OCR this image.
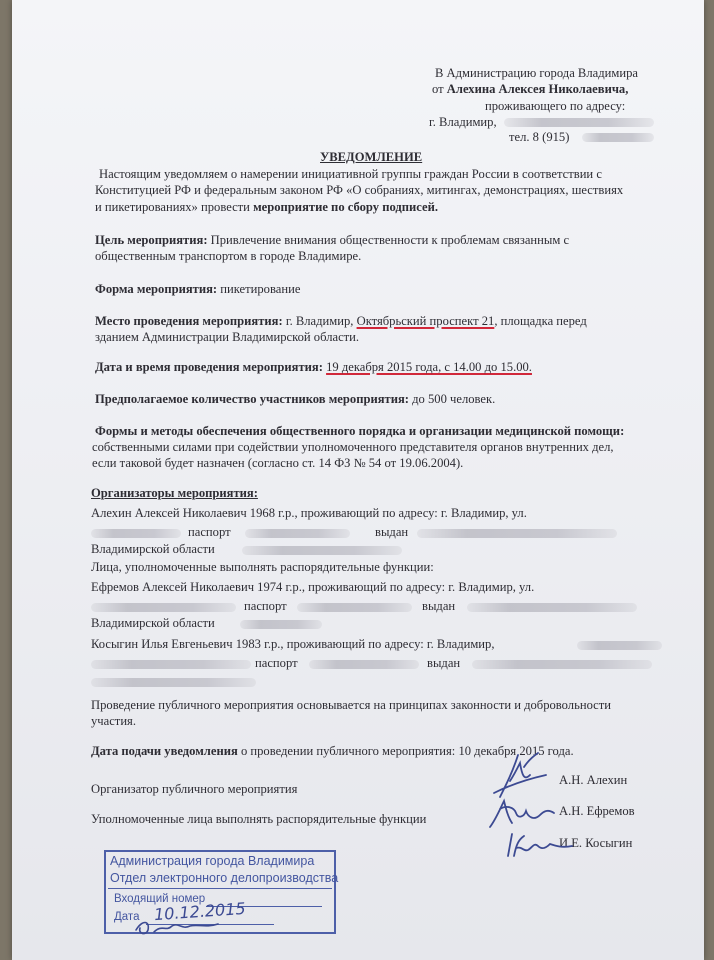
В Администрацию города Владимира
от Алехина Алексея Николаевича,
проживающего по адресу:
г. Владимир,
тел. 8 (915)
УВЕДОМЛЕНИЕ
Настоящим уведомляем о намерении инициативной группы граждан России в соответствии с
Конституцией РФ и федеральным законом РФ «О собраниях, митингах, демонстрациях, шествиях
и пикетированиях» провести мероприятие по сбору подписей.
Цель мероприятия: Привлечение внимания общественности к проблемам связанным с
общественным транспортом в городе Владимире.
Форма мероприятия: пикетирование
Место проведения мероприятия: г. Владимир, Октябрьский проспект 21, площадка перед
зданием Администрации Владимирской области.
Дата и время проведения мероприятия: 19 декабря 2015 года, с 14.00 до 15.00.
Предполагаемое количество участников мероприятия: до 500 человек.
Формы и методы обеспечения общественного порядка и организации медицинской помощи:
собственными силами при содействии уполномоченного представителя органов внутренних дел,
если таковой будет назначен (согласно ст. 14 ФЗ № 54 от 19.06.2004).
Организаторы мероприятия:
Алехин Алексей Николаевич 1968 г.р., проживающий по адресу: г. Владимир, ул.
паспорт	выдан
Владимирской области
Лица, уполномоченные выполнять распорядительные функции:
Ефремов Алексей Николаевич 1974 г.р., проживающий по адресу: г. Владимир, ул.
паспорт	выдан
Владимирской области
Косыгин Илья Евгеньевич 1983 г.р., проживающий по адресу: г. Владимир,
паспорт	выдан
Проведение публичного мероприятия основывается на принципах законности и добровольности
участия.
Дата подачи уведомления о проведении публичного мероприятия: 10 декабря 2015 года.
Организатор публичного мероприятия
Уполномоченные лица выполнять распорядительные функции
А.Н. Алехин
А.Н. Ефремов
И.Е. Косыгин
Администрация города Владимира
Отдел электронного делопроизводства
Входящий номер
Дата 10.12.2015
